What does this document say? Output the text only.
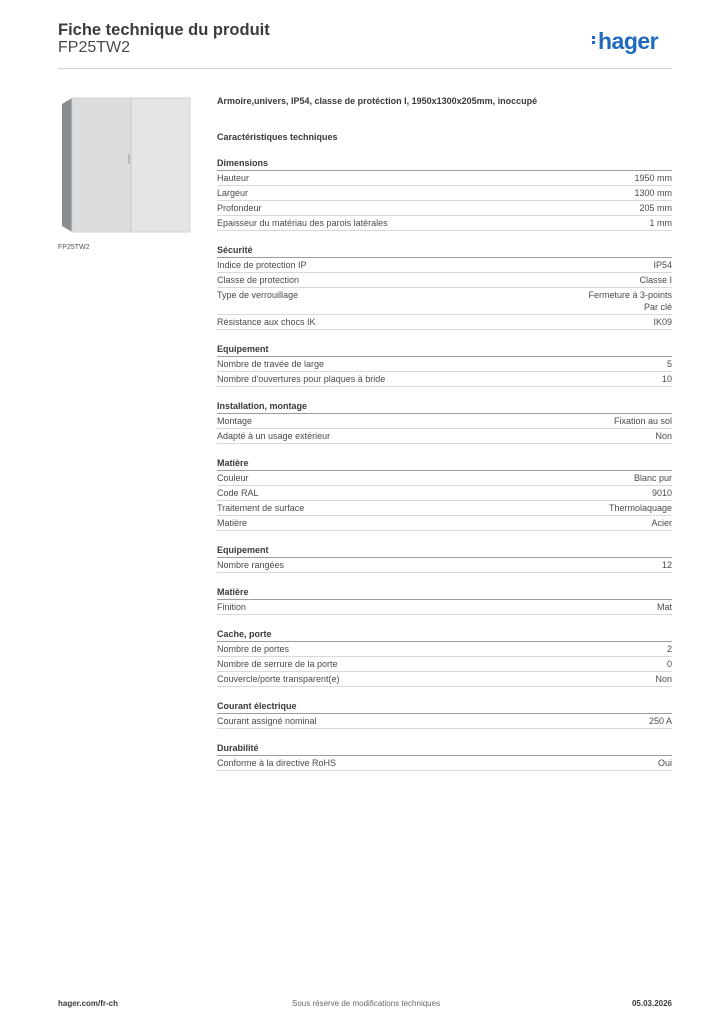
Fiche technique du produit
FP25TW2	hager
FP25TW2
Armoire,univers, IP54, classe de protéction I, 1950x1300x205mm, inoccupé
Caractéristiques techniques
Dimensions
Hauteur	1950 mm
Largeur	1300 mm
Profondeur	205 mm
Epaisseur du matériau des parois latérales	1 mm
Sécurité
Indice de protection IP	IP54
Classe de protection	Classe I
Type de verrouillage	Fermeture à 3-points
Par clé
Résistance aux chocs IK	IK09
Equipement
Nombre de travée de large	5
Nombre d'ouvertures pour plaques à bride	10
Installation, montage
Montage	Fixation au sol
Adapté à un usage extérieur	Non
Matière
Couleur	Blanc pur
Code RAL	9010
Traitement de surface	Thermolaquage
Matière	Acier
Equipement
Nombre rangées	12
Matière
Finition	Mat
Cache, porte
Nombre de portes	2
Nombre de serrure de la porte	0
Couvercle/porte transparent(e)	Non
Courant électrique
Courant assigné nominal	250 A
Durabilité
Conforme à la directive RoHS	Oui
hager.com/fr-ch	Sous réserve de modifications techniques	05.03.2026
